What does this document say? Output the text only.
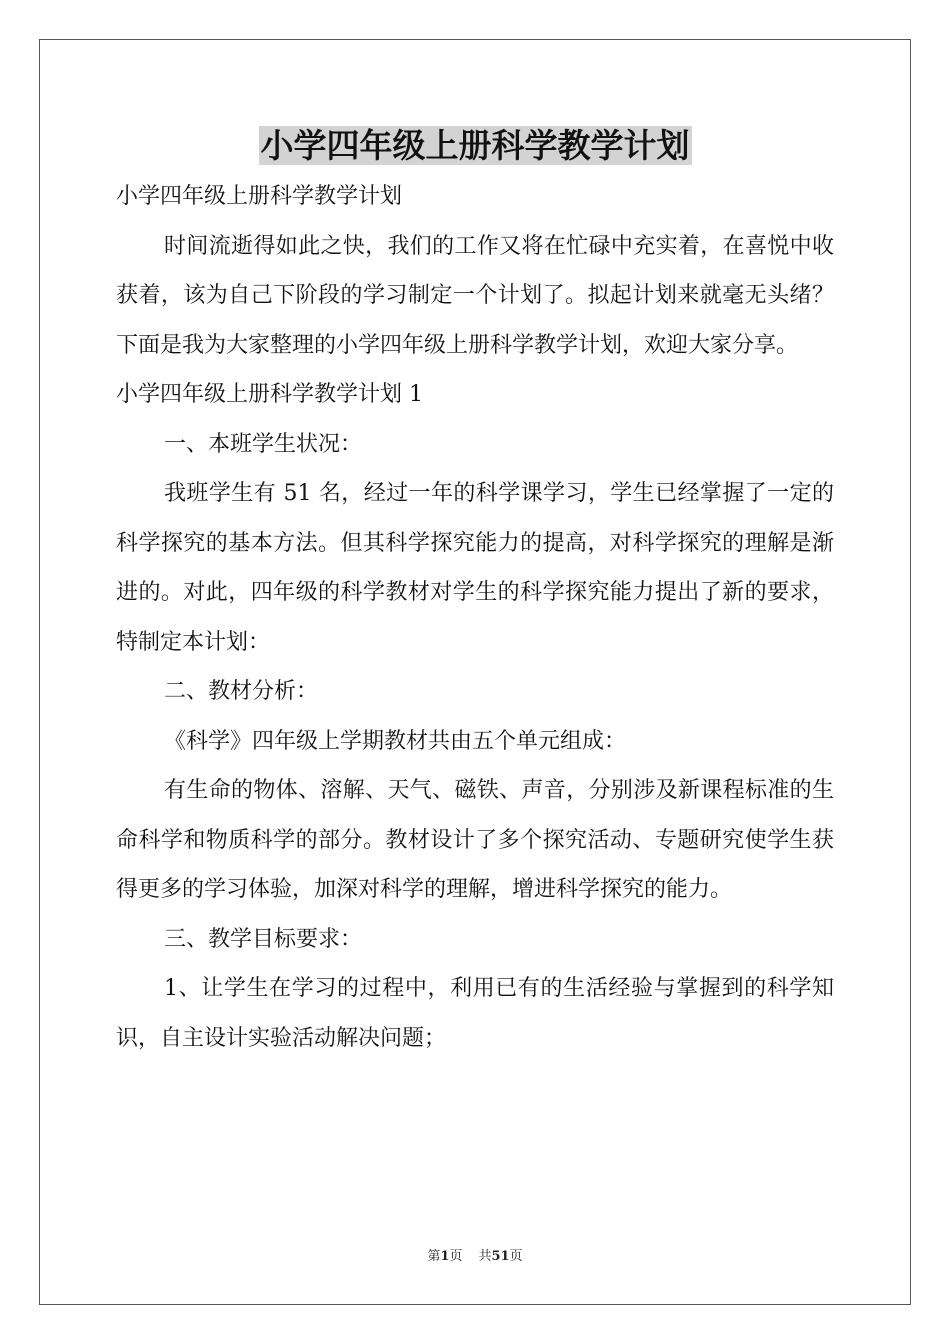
小学四年级上册科学教学计划

小学四年级上册科学教学计划

时间流逝得如此之快，我们的工作又将在忙碌中充实着，在喜悦中收获着，该为自己下阶段的学习制定一个计划了。拟起计划来就毫无头绪？下面是我为大家整理的小学四年级上册科学教学计划，欢迎大家分享。

小学四年级上册科学教学计划 1

一、本班学生状况：

我班学生有 51 名，经过一年的科学课学习，学生已经掌握了一定的科学探究的基本方法。但其科学探究能力的提高，对科学探究的理解是渐进的。对此，四年级的科学教材对学生的科学探究能力提出了新的要求，特制定本计划：

二、教材分析：

《科学》四年级上学期教材共由五个单元组成：

有生命的物体、溶解、天气、磁铁、声音，分别涉及新课程标准的生命科学和物质科学的部分。教材设计了多个探究活动、专题研究使学生获得更多的学习体验，加深对科学的理解，增进科学探究的能力。

三、教学目标要求：

1、让学生在学习的过程中，利用已有的生活经验与掌握到的科学知识，自主设计实验活动解决问题；

第1页 共51页
